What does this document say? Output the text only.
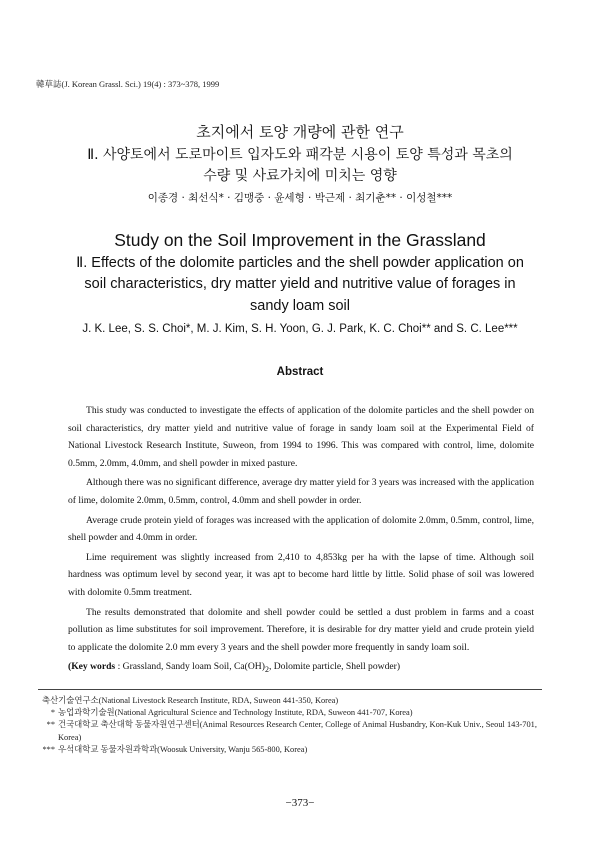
韓草誌(J. Korean Grassl. Sci.) 19(4) : 373~378, 1999
초지에서 토양 개량에 관한 연구
Ⅱ. 사양토에서 도로마이트 입자도와 패각분 시용이 토양 특성과 목초의
수량 및 사료가치에 미치는 영향
이종경 · 최선식* · 김맹중 · 윤세형 · 박근제 · 최기춘** · 이성철***
Study on the Soil Improvement in the Grassland
Ⅱ. Effects of the dolomite particles and the shell powder application on
soil characteristics, dry matter yield and nutritive value of forages in
sandy loam soil
J. K. Lee, S. S. Choi*, M. J. Kim, S. H. Yoon, G. J. Park, K. C. Choi** and S. C. Lee***
Abstract

This study was conducted to investigate the effects of application of the dolomite particles and the shell powder on soil characteristics, dry matter yield and nutritive value of forage in sandy loam soil at the Experimental Field of National Livestock Research Institute, Suweon, from 1994 to 1996. This was compared with control, lime, dolomite 0.5mm, 2.0mm, 4.0mm, and shell powder in mixed pasture.

Although there was no significant difference, average dry matter yield for 3 years was increased with the application of lime, dolomite 2.0mm, 0.5mm, control, 4.0mm and shell powder in order.

Average crude protein yield of forages was increased with the application of dolomite 2.0mm, 0.5mm, control, lime, shell powder and 4.0mm in order.

Lime requirement was slightly increased from 2,410 to 4,853kg per ha with the lapse of time. Although soil hardness was optimum level by second year, it was apt to become hard little by little. Solid phase of soil was lowered with dolomite 0.5mm treatment.

The results demonstrated that dolomite and shell powder could be settled a dust problem in farms and a coast pollution as lime substitutes for soil improvement. Therefore, it is desirable for dry matter yield and crude protein yield to applicate the dolomite 2.0 mm every 3 years and the shell powder more frequently in sandy loam soil.

(Key words : Grassland, Sandy loam Soil, $Ca(OH)_2$, Dolomite particle, Shell powder)

축산기술연구소(National Livestock Research Institute, RDA, Suweon 441-350, Korea)
* 농업과학기술원(National Agricultural Science and Technology Institute, RDA, Suweon 441-707, Korea)
** 건국대학교 축산대학 동물자원연구센터(Animal Resources Research Center, College of Animal Husbandry, Kon-Kuk Univ., Seoul 143-701, Korea)
*** 우석대학교 동물자원과학과(Woosuk University, Wanju 565-800, Korea)
−373−
